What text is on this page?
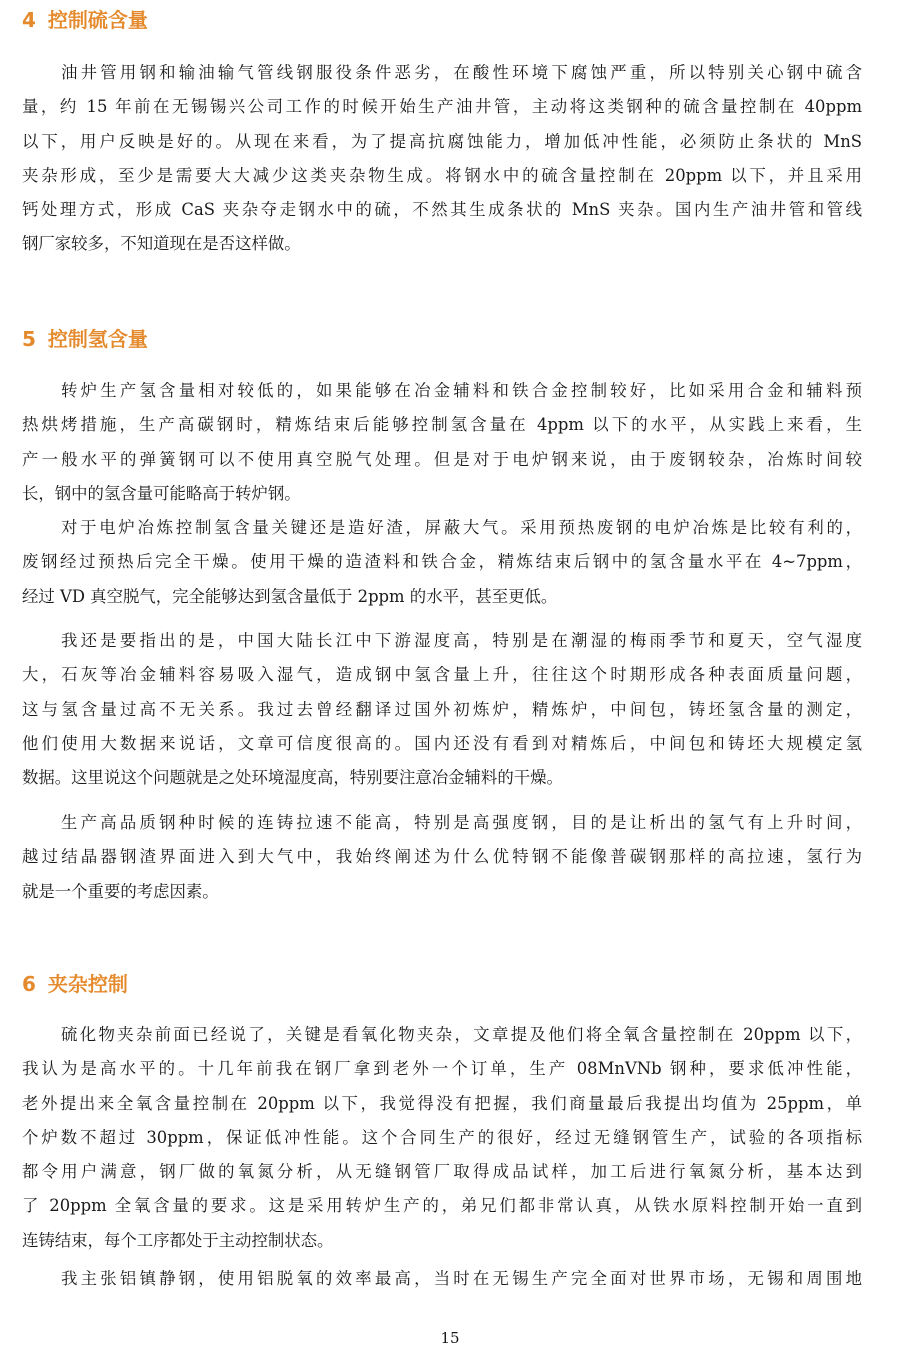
4 控制硫含量
油井管用钢和输油输气管线钢服役条件恶劣，在酸性环境下腐蚀严重，所以特别关心钢中硫含
量，约 15 年前在无锡锡兴公司工作的时候开始生产油井管，主动将这类钢种的硫含量控制在 40ppm
以下，用户反映是好的。从现在来看，为了提高抗腐蚀能力，增加低冲性能，必须防止条状的 MnS
夹杂形成，至少是需要大大减少这类夹杂物生成。将钢水中的硫含量控制在 20ppm 以下，并且采用
钙处理方式，形成 CaS 夹杂夺走钢水中的硫，不然其生成条状的 MnS 夹杂。国内生产油井管和管线
钢厂家较多，不知道现在是否这样做。
5 控制氢含量
转炉生产氢含量相对较低的，如果能够在冶金辅料和铁合金控制较好，比如采用合金和辅料预
热烘烤措施，生产高碳钢时，精炼结束后能够控制氢含量在 4ppm 以下的水平，从实践上来看，生
产一般水平的弹簧钢可以不使用真空脱气处理。但是对于电炉钢来说，由于废钢较杂，冶炼时间较
长，钢中的氢含量可能略高于转炉钢。
对于电炉冶炼控制氢含量关键还是造好渣，屏蔽大气。采用预热废钢的电炉冶炼是比较有利的，
废钢经过预热后完全干燥。使用干燥的造渣料和铁合金，精炼结束后钢中的氢含量水平在 4~7ppm，
经过 VD 真空脱气，完全能够达到氢含量低于 2ppm 的水平，甚至更低。
我还是要指出的是，中国大陆长江中下游湿度高，特别是在潮湿的梅雨季节和夏天，空气湿度
大，石灰等冶金辅料容易吸入湿气，造成钢中氢含量上升，往往这个时期形成各种表面质量问题，
这与氢含量过高不无关系。我过去曾经翻译过国外初炼炉，精炼炉，中间包，铸坯氢含量的测定，
他们使用大数据来说话，文章可信度很高的。国内还没有看到对精炼后，中间包和铸坯大规模定氢
数据。这里说这个问题就是之处环境湿度高，特别要注意冶金辅料的干燥。
生产高品质钢种时候的连铸拉速不能高，特别是高强度钢，目的是让析出的氢气有上升时间，
越过结晶器钢渣界面进入到大气中，我始终阐述为什么优特钢不能像普碳钢那样的高拉速，氢行为
就是一个重要的考虑因素。
6 夹杂控制
硫化物夹杂前面已经说了，关键是看氧化物夹杂，文章提及他们将全氧含量控制在 20ppm 以下，
我认为是高水平的。十几年前我在钢厂拿到老外一个订单，生产 08MnVNb 钢种，要求低冲性能，
老外提出来全氧含量控制在 20ppm 以下，我觉得没有把握，我们商量最后我提出均值为 25ppm，单
个炉数不超过 30ppm，保证低冲性能。这个合同生产的很好，经过无缝钢管生产，试验的各项指标
都令用户满意，钢厂做的氧氮分析，从无缝钢管厂取得成品试样，加工后进行氧氮分析，基本达到
了 20ppm 全氧含量的要求。这是采用转炉生产的，弟兄们都非常认真，从铁水原料控制开始一直到
连铸结束，每个工序都处于主动控制状态。
我主张铝镇静钢，使用铝脱氧的效率最高，当时在无锡生产完全面对世界市场，无锡和周围地
15
